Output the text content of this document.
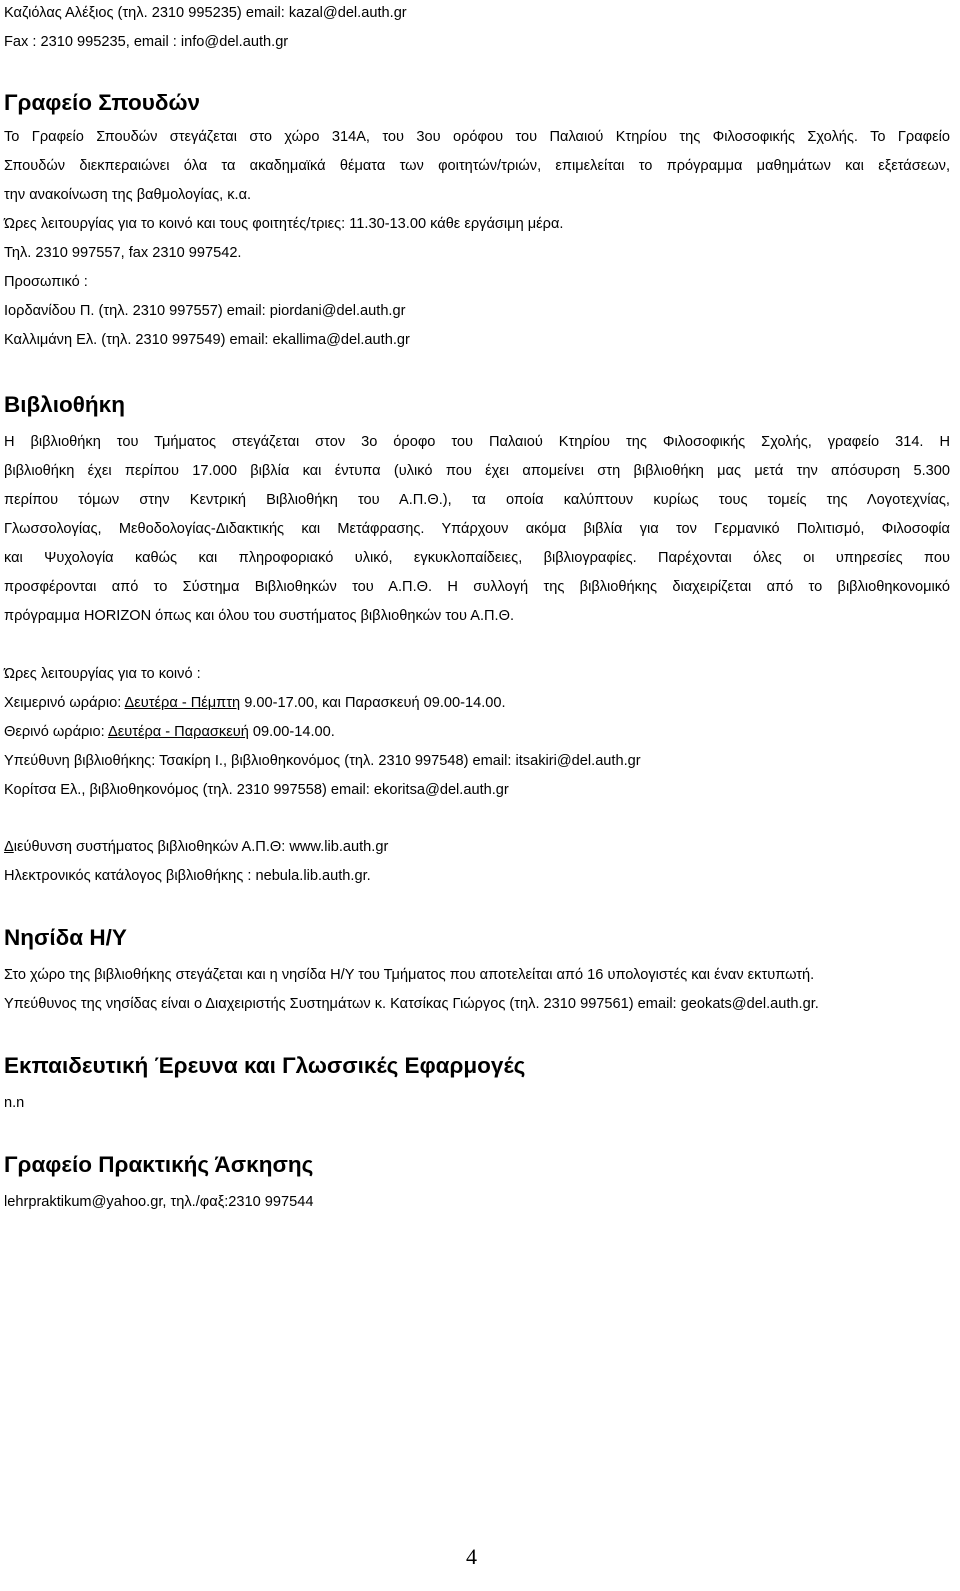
Καζιόλας Αλέξιος (τηλ. 2310 995235) email: kazal@del.auth.gr
Fax : 2310 995235, email : info@del.auth.gr
Γραφείο Σπουδών
Το Γραφείο Σπουδών στεγάζεται στο χώρο 314Α, του 3ου ορόφου του Παλαιού Κτηρίου της Φιλοσοφικής Σχολής. Το Γραφείο
Σπουδών διεκπεραιώνει όλα τα ακαδημαϊκά θέματα των φοιτητών/τριών, επιμελείται το πρόγραμμα μαθημάτων και εξετάσεων,
την ανακοίνωση της βαθμολογίας, κ.α.
Ώρες λειτουργίας για το κοινό και τους φοιτητές/τριες: 11.30-13.00 κάθε εργάσιμη μέρα.
Τηλ. 2310 997557, fax 2310 997542.
Προσωπικό :
Ιορδανίδου Π. (τηλ. 2310 997557) email: piordani@del.auth.gr
Καλλιμάνη Ελ. (τηλ. 2310 997549) email: ekallima@del.auth.gr
Βιβλιοθήκη
Η βιβλιοθήκη του Τμήματος στεγάζεται στον 3ο όροφο του Παλαιού Κτηρίου της Φιλοσοφικής Σχολής, γραφείο 314. Η
βιβλιοθήκη έχει περίπου 17.000 βιβλία και έντυπα (υλικό που έχει απομείνει στη βιβλιοθήκη μας μετά την απόσυρση 5.300
περίπου τόμων στην Κεντρική Βιβλιοθήκη του Α.Π.Θ.), τα οποία καλύπτουν κυρίως τους τομείς της Λογοτεχνίας,
Γλωσσολογίας, Μεθοδολογίας-Διδακτικής και Μετάφρασης. Υπάρχουν ακόμα βιβλία για τον Γερμανικό Πολιτισμό, Φιλοσοφία
και Ψυχολογία καθώς και πληροφοριακό υλικό, εγκυκλοπαίδειες, βιβλιογραφίες. Παρέχονται όλες οι υπηρεσίες που
προσφέρονται από το Σύστημα Βιβλιοθηκών του Α.Π.Θ. Η συλλογή της βιβλιοθήκης διαχειρίζεται από το βιβλιοθηκονομικό
πρόγραμμα HORIZON όπως και όλου του συστήματος βιβλιοθηκών του Α.Π.Θ.
Ώρες λειτουργίας για το κοινό :
Χειμερινό ωράριο: Δευτέρα - Πέμπτη 9.00-17.00, και Παρασκευή 09.00-14.00.
Θερινό ωράριο: Δευτέρα - Παρασκευή 09.00-14.00.
Υπεύθυνη βιβλιοθήκης: Τσακίρη Ι., βιβλιοθηκονόμος (τηλ. 2310 997548) email: itsakiri@del.auth.gr
Κορίτσα Ελ., βιβλιοθηκονόμος (τηλ. 2310 997558) email: ekoritsa@del.auth.gr
Διεύθυνση συστήματος βιβλιοθηκών Α.Π.Θ: www.lib.auth.gr
Ηλεκτρονικός κατάλογος βιβλιοθήκης : nebula.lib.auth.gr.
Νησίδα Η/Υ
Στο χώρο της βιβλιοθήκης στεγάζεται και η νησίδα Η/Υ του Τμήματος που αποτελείται από 16 υπολογιστές και έναν εκτυπωτή.
Υπεύθυνος της νησίδας είναι ο Διαχειριστής Συστημάτων κ. Κατσίκας Γιώργος (τηλ. 2310 997561) email: geokats@del.auth.gr.
Εκπαιδευτική Έρευνα και Γλωσσικές Εφαρμογές
n.n
Γραφείο Πρακτικής Άσκησης
lehrpraktikum@yahoo.gr, τηλ./φαξ:2310 997544
4
